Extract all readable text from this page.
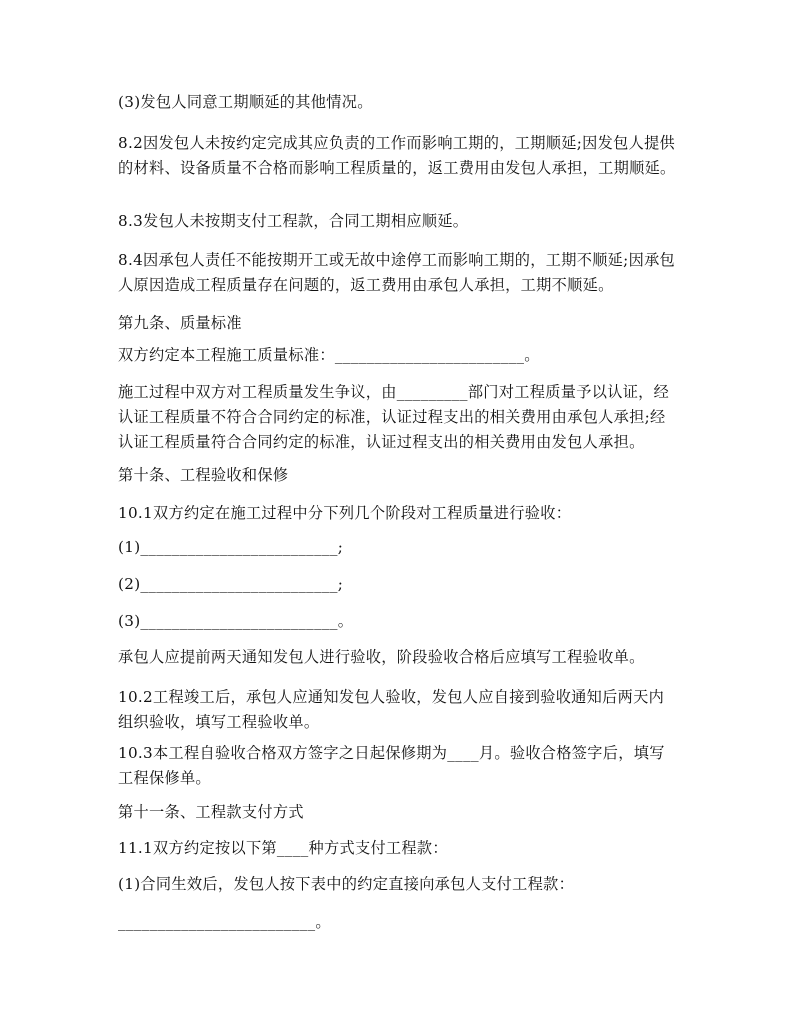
(3)发包人同意工期顺延的其他情况。

8.2因发包人未按约定完成其应负责的工作而影响工期的，工期顺延;因发包人提供的材料、设备质量不合格而影响工程质量的，返工费用由发包人承担，工期顺延。

8.3发包人未按期支付工程款，合同工期相应顺延。

8.4因承包人责任不能按期开工或无故中途停工而影响工期的，工期不顺延;因承包人原因造成工程质量存在问题的，返工费用由承包人承担，工期不顺延。

第九条、质量标准

双方约定本工程施工质量标准：________________________。

施工过程中双方对工程质量发生争议，由_________部门对工程质量予以认证，经认证工程质量不符合合同约定的标准，认证过程支出的相关费用由承包人承担;经认证工程质量符合合同约定的标准，认证过程支出的相关费用由发包人承担。

第十条、工程验收和保修

10.1双方约定在施工过程中分下列几个阶段对工程质量进行验收：

(1)_________________________;

(2)_________________________;

(3)_________________________。

承包人应提前两天通知发包人进行验收，阶段验收合格后应填写工程验收单。

10.2工程竣工后，承包人应通知发包人验收，发包人应自接到验收通知后两天内组织验收，填写工程验收单。

10.3本工程自验收合格双方签字之日起保修期为____月。验收合格签字后，填写工程保修单。

第十一条、工程款支付方式

11.1双方约定按以下第____种方式支付工程款：

(1)合同生效后，发包人按下表中的约定直接向承包人支付工程款：

_________________________。
